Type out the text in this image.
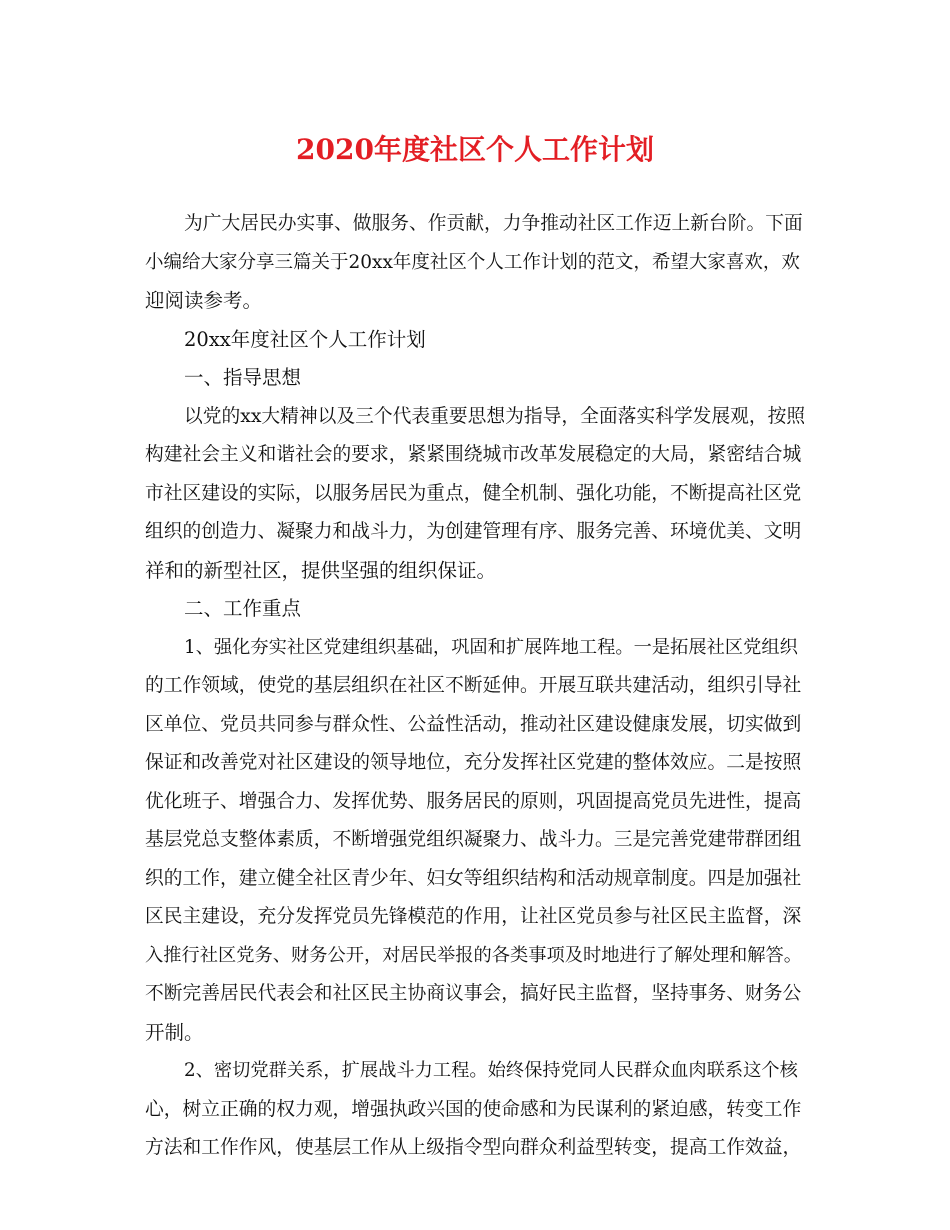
2020年度社区个人工作计划
为广大居民办实事、做服务、作贡献，力争推动社区工作迈上新台阶。下面
小编给大家分享三篇关于20xx年度社区个人工作计划的范文，希望大家喜欢，欢
迎阅读参考。
20xx年度社区个人工作计划
一、指导思想
以党的xx大精神以及三个代表重要思想为指导，全面落实科学发展观，按照
构建社会主义和谐社会的要求，紧紧围绕城市改革发展稳定的大局，紧密结合城
市社区建设的实际，以服务居民为重点，健全机制、强化功能，不断提高社区党
组织的创造力、凝聚力和战斗力，为创建管理有序、服务完善、环境优美、文明
祥和的新型社区，提供坚强的组织保证。
二、工作重点
1、强化夯实社区党建组织基础，巩固和扩展阵地工程。一是拓展社区党组织
的工作领域，使党的基层组织在社区不断延伸。开展互联共建活动，组织引导社
区单位、党员共同参与群众性、公益性活动，推动社区建设健康发展，切实做到
保证和改善党对社区建设的领导地位，充分发挥社区党建的整体效应。二是按照
优化班子、增强合力、发挥优势、服务居民的原则，巩固提高党员先进性，提高
基层党总支整体素质，不断增强党组织凝聚力、战斗力。三是完善党建带群团组
织的工作，建立健全社区青少年、妇女等组织结构和活动规章制度。四是加强社
区民主建设，充分发挥党员先锋模范的作用，让社区党员参与社区民主监督，深
入推行社区党务、财务公开，对居民举报的各类事项及时地进行了解处理和解答。
不断完善居民代表会和社区民主协商议事会，搞好民主监督，坚持事务、财务公
开制。
2、密切党群关系，扩展战斗力工程。始终保持党同人民群众血肉联系这个核
心，树立正确的权力观，增强执政兴国的使命感和为民谋利的紧迫感，转变工作
方法和工作作风，使基层工作从上级指令型向群众利益型转变，提高工作效益，
